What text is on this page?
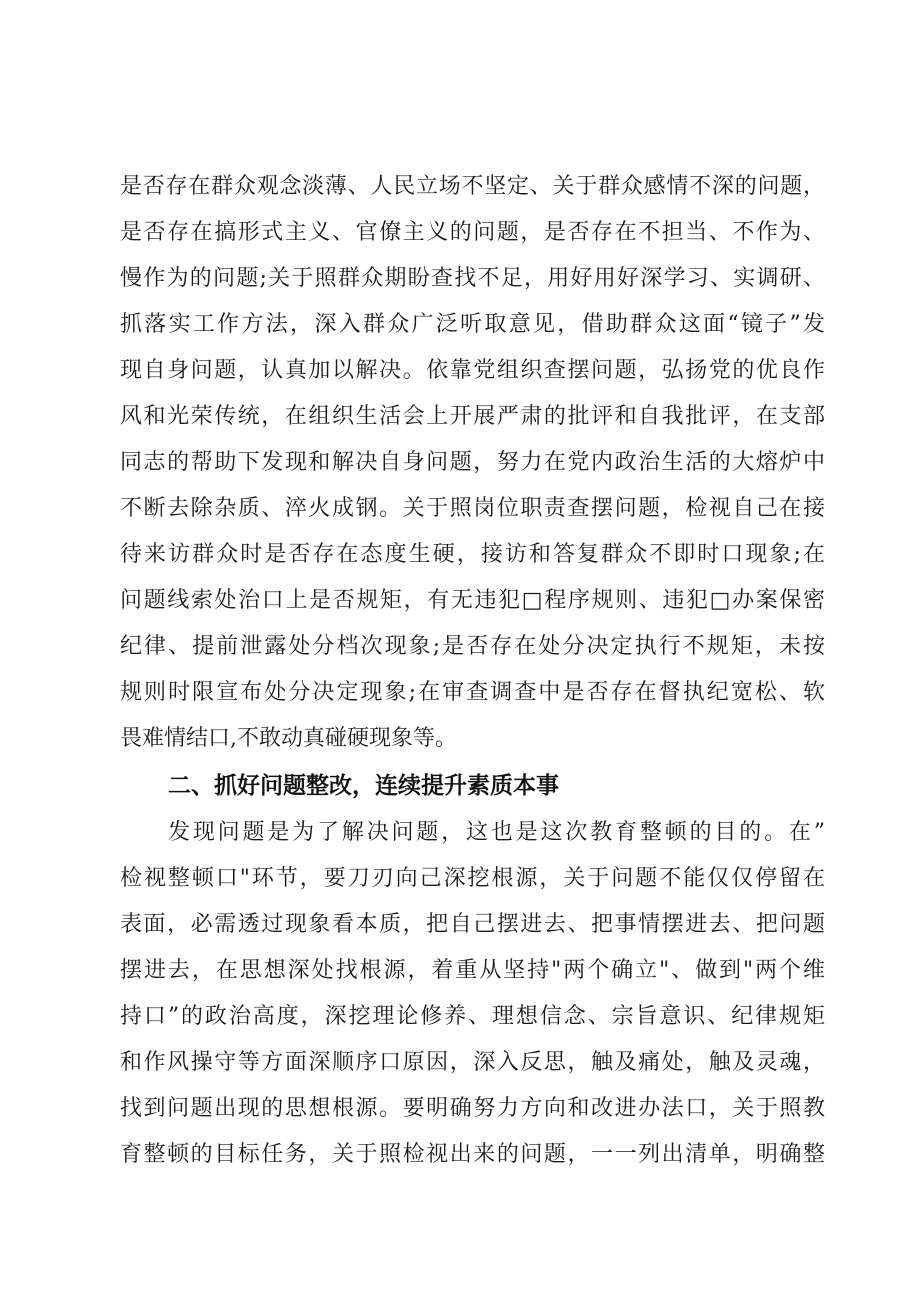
是否存在群众观念淡薄、人民立场不坚定、关于群众感情不深的问题，
是否存在搞形式主义、官僚主义的问题，是否存在不担当、不作为、
慢作为的问题;关于照群众期盼查找不足，用好用好深学习、实调研、
抓落实工作方法，深入群众广泛听取意见，借助群众这面“镜子”发
现自身问题，认真加以解决。依靠党组织查摆问题，弘扬党的优良作
风和光荣传统，在组织生活会上开展严肃的批评和自我批评，在支部
同志的帮助下发现和解决自身问题，努力在党内政治生活的大熔炉中
不断去除杂质、淬火成钢。关于照岗位职责查摆问题，检视自己在接
待来访群众时是否存在态度生硬，接访和答复群众不即时口现象;在
问题线索处治口上是否规矩，有无违犯□程序规则、违犯□办案保密
纪律、提前泄露处分档次现象;是否存在处分决定执行不规矩，未按
规则时限宣布处分决定现象;在审查调查中是否存在督执纪宽松、软
畏难情结口,不敢动真碰硬现象等。
二、抓好问题整改，连续提升素质本事
发现问题是为了解决问题，这也是这次教育整顿的目的。在”
检视整顿口"环节，要刀刃向己深挖根源，关于问题不能仅仅停留在
表面，必需透过现象看本质，把自己摆进去、把事情摆进去、把问题
摆进去，在思想深处找根源，着重从坚持"两个确立"、做到"两个维
持口”的政治高度，深挖理论修养、理想信念、宗旨意识、纪律规矩
和作风操守等方面深顺序口原因，深入反思，触及痛处，触及灵魂，
找到问题出现的思想根源。要明确努力方向和改进办法口，关于照教
育整顿的目标任务，关于照检视出来的问题，一一列出清单，明确整
